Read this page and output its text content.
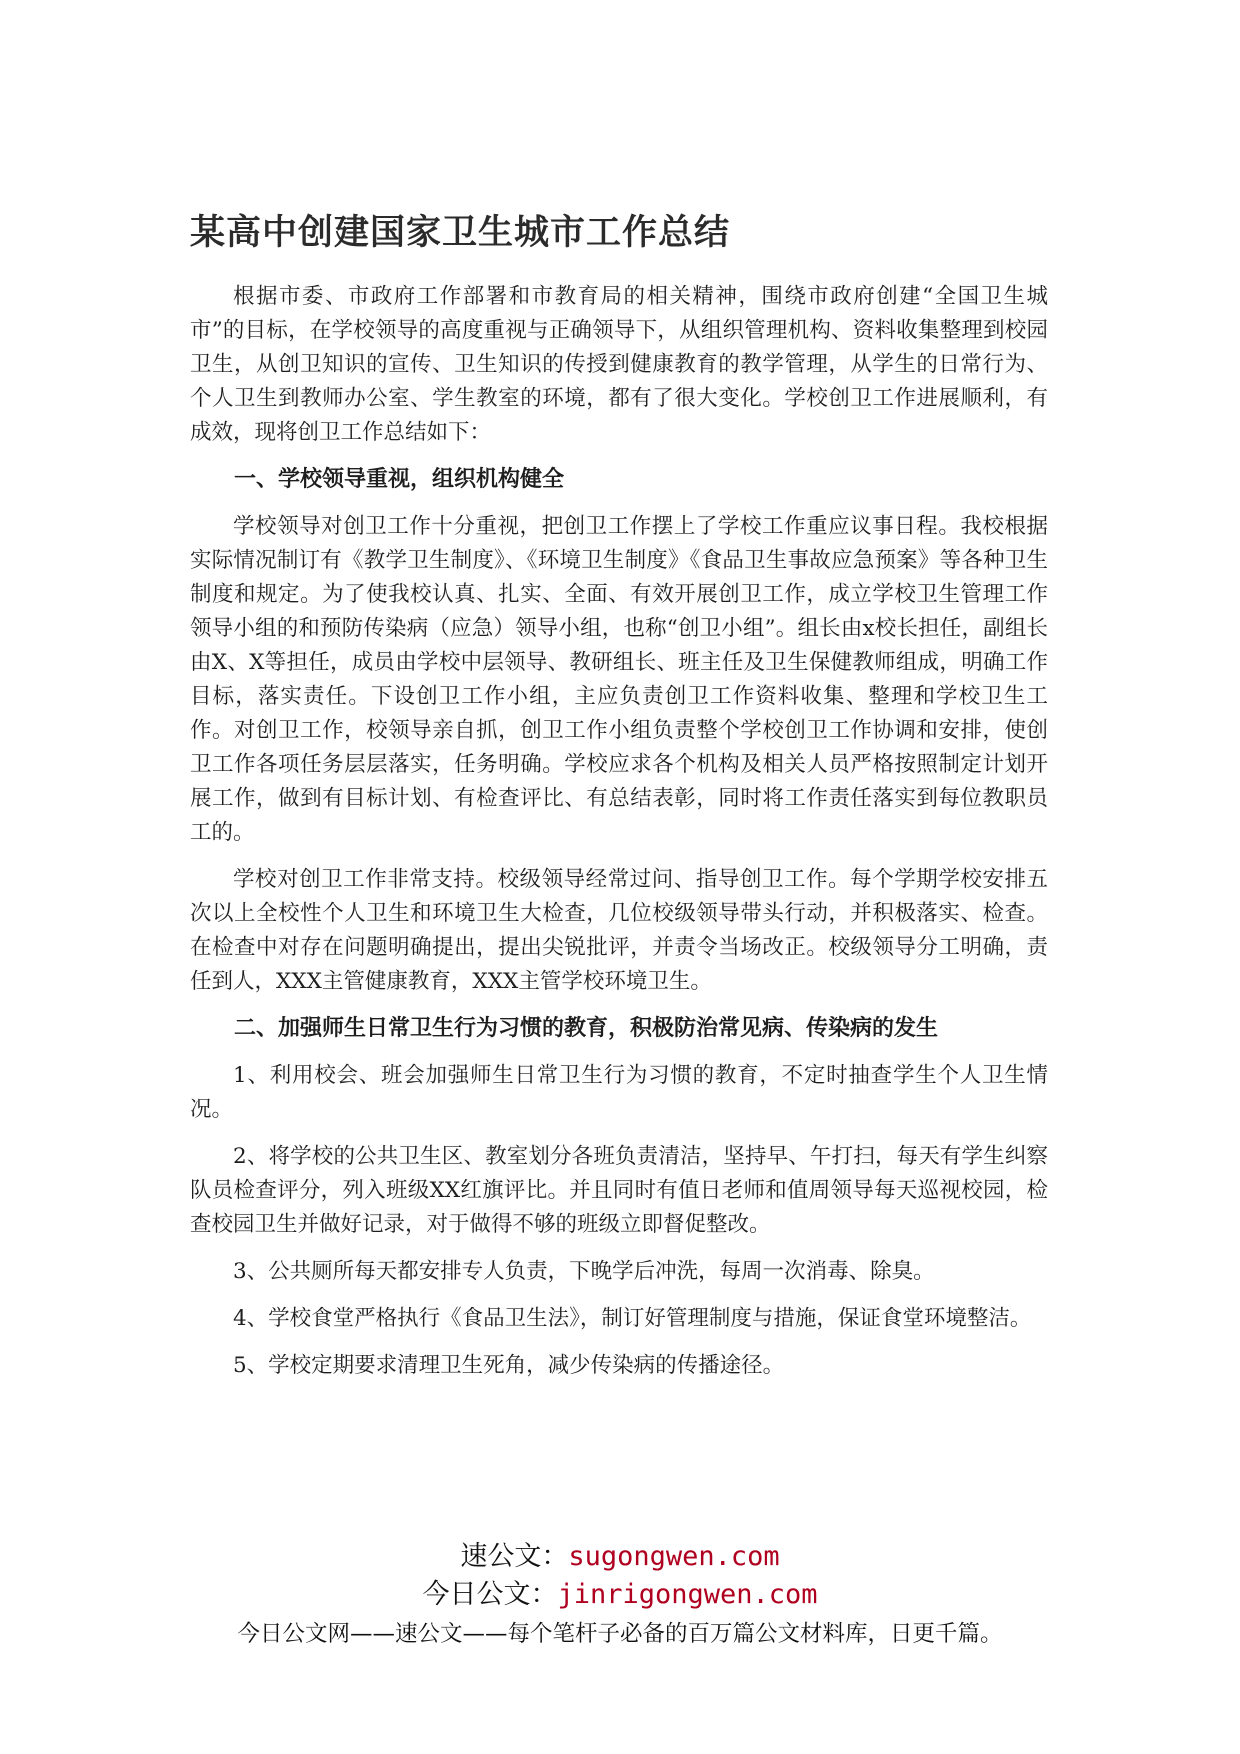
某高中创建国家卫生城市工作总结

根据市委、市政府工作部署和市教育局的相关精神，围绕市政府创建“全国卫生城市”的目标，在学校领导的高度重视与正确领导下，从组织管理机构、资料收集整理到校园卫生，从创卫知识的宣传、卫生知识的传授到健康教育的教学管理，从学生的日常行为、个人卫生到教师办公室、学生教室的环境，都有了很大变化。学校创卫工作进展顺利，有成效，现将创卫工作总结如下：

一、学校领导重视，组织机构健全

学校领导对创卫工作十分重视，把创卫工作摆上了学校工作重应议事日程。我校根据实际情况制订有《教学卫生制度》、《环境卫生制度》《食品卫生事故应急预案》等各种卫生制度和规定。为了使我校认真、扎实、全面、有效开展创卫工作，成立学校卫生管理工作领导小组的和预防传染病（应急）领导小组，也称“创卫小组”。组长由x校长担任，副组长由X、X等担任，成员由学校中层领导、教研组长、班主任及卫生保健教师组成，明确工作目标，落实责任。下设创卫工作小组，主应负责创卫工作资料收集、整理和学校卫生工作。对创卫工作，校领导亲自抓，创卫工作小组负责整个学校创卫工作协调和安排，使创卫工作各项任务层层落实，任务明确。学校应求各个机构及相关人员严格按照制定计划开展工作，做到有目标计划、有检查评比、有总结表彰，同时将工作责任落实到每位教职员工的。

学校对创卫工作非常支持。校级领导经常过问、指导创卫工作。每个学期学校安排五次以上全校性个人卫生和环境卫生大检查，几位校级领导带头行动，并积极落实、检查。在检查中对存在问题明确提出，提出尖锐批评，并责令当场改正。校级领导分工明确，责任到人，XXX主管健康教育，XXX主管学校环境卫生。

二、加强师生日常卫生行为习惯的教育，积极防治常见病、传染病的发生

1、利用校会、班会加强师生日常卫生行为习惯的教育，不定时抽查学生个人卫生情况。

2、将学校的公共卫生区、教室划分各班负责清洁，坚持早、午打扫，每天有学生纠察队员检查评分，列入班级XX红旗评比。并且同时有值日老师和值周领导每天巡视校园，检查校园卫生并做好记录，对于做得不够的班级立即督促整改。

3、公共厕所每天都安排专人负责，下晚学后冲洗，每周一次消毒、除臭。

4、学校食堂严格执行《食品卫生法》，制订好管理制度与措施，保证食堂环境整洁。

5、学校定期要求清理卫生死角，减少传染病的传播途径。

速公文：sugongwen.com
今日公文：jinrigongwen.com
今日公文网——速公文——每个笔杆子必备的百万篇公文材料库，日更千篇。
